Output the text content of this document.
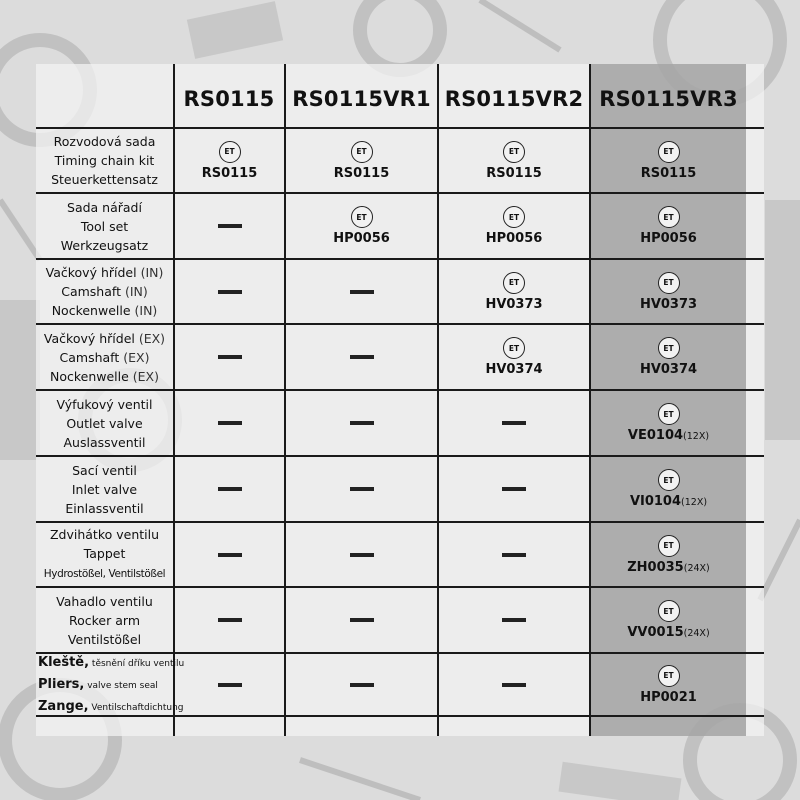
RS0115 RS0115VR1 RS0115VR2 RS0115VR3
Rozvodová sada
Timing chain kit
Steuerkettensatz
ET
RS0115
ET
RS0115
ET
RS0115
ET
RS0115
Sada nářadí
Tool set
Werkzeugsatz
ET
HP0056
ET
HP0056
ET
HP0056
Vačkový hřídel (IN)
Camshaft (IN)
Nockenwelle (IN)
ET
HV0373
ET
HV0373
Vačkový hřídel (EX)
Camshaft (EX)
Nockenwelle (EX)
ET
HV0374
ET
HV0374
Výfukový ventil
Outlet valve
Auslassventil
ET
VE0104(12X)
Sací ventil
Inlet valve
Einlassventil
ET
VI0104(12X)
Zdvihátko ventilu
Tappet
Hydrostößel, Ventilstößel
ET
ZH0035(24X)
Vahadlo ventilu
Rocker arm
Ventilstößel
ET
VV0015(24X)
Kleště, těsnění dříku ventilu
Pliers, valve stem seal
Zange, Ventilschaftdichtung
ET
HP0021
